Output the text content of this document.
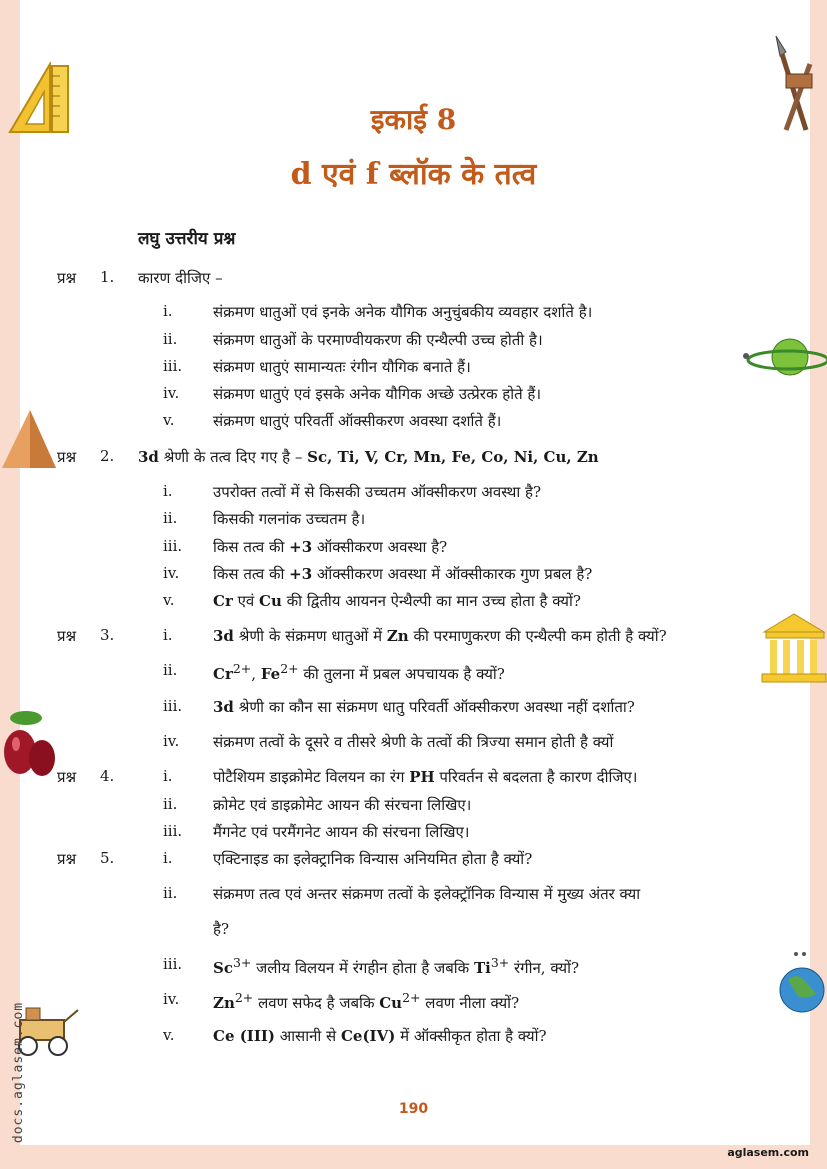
docs.aglasem.com
इकाई 8
d एवं f ब्लॉक के तत्व
लघु उत्तरीय प्रश्न
प्रश्न 1. कारण दीजिए –
i.	संक्रमण धातुओं एवं इनके अनेक यौगिक अनुचुंबकीय व्यवहार दर्शाते है।
ii. संक्रमण धातुओं के परमाण्वीयकरण की एन्थैल्पी उच्च होती है।
iii. संक्रमण धातुएं सामान्यतः रंगीन यौगिक बनाते हैं।
iv. संक्रमण धातुएं एवं इसके अनेक यौगिक अच्छे उत्प्रेरक होते हैं।
v.	संक्रमण धातुएं परिवर्ती ऑक्सीकरण अवस्था दर्शाते हैं।
प्रश्न 2. 3d श्रेणी के तत्व दिए गए है – Sc, Ti, V, Cr, Mn, Fe, Co, Ni, Cu, Zn
i.	उपरोक्त तत्वों में से किसकी उच्चतम ऑक्सीकरण अवस्था है?
ii. किसकी गलनांक उच्चतम है।
iii. किस तत्व की +3 ऑक्सीकरण अवस्था है?
iv. किस तत्व की +3 ऑक्सीकरण अवस्था में ऑक्सीकारक गुण प्रबल है?
v.	Cr एवं Cu की द्वितीय आयनन ऐन्थैल्पी का मान उच्च होता है क्यों?
प्रश्न 3.	i.	3d श्रेणी के संक्रमण धातुओं में Zn की परमाणुकरण की एन्थैल्पी कम होती है क्यों?
ii. $Cr^{2+}$, $Fe^{2+}$ की तुलना में प्रबल अपचायक है क्यों?
iii. 3d श्रेणी का कौन सा संक्रमण धातु परिवर्ती ऑक्सीकरण अवस्था नहीं दर्शाता?
iv. संक्रमण तत्वों के दूसरे व तीसरे श्रेणी के तत्वों की त्रिज्या समान होती है क्यों
प्रश्न 4.	i.	पोटैशियम डाइक्रोमेट विलयन का रंग PH परिवर्तन से बदलता है कारण दीजिए।
ii. क्रोमेट एवं डाइक्रोमेट आयन की संरचना लिखिए।
iii. मैंगनेट एवं परमैंगनेट आयन की संरचना लिखिए।
प्रश्न 5.	i.	एक्टिनाइड का इलेक्ट्रानिक विन्यास अनियमित होता है क्यों?
ii. संक्रमण तत्व एवं अन्तर संक्रमण तत्वों के इलेक्ट्रॉनिक विन्यास में मुख्य अंतर क्या
है?
iii. $Sc^{3+}$ जलीय विलयन में रंगहीन होता है जबकि $Ti^{3+}$ रंगीन, क्यों?
iv. $Zn^{2+}$ लवण सफेद है जबकि $Cu^{2+}$ लवण नीला क्यों?
v.	Ce (III) आसानी से Ce(IV) में ऑक्सीकृत होता है क्यों?
190
aglasem.com
